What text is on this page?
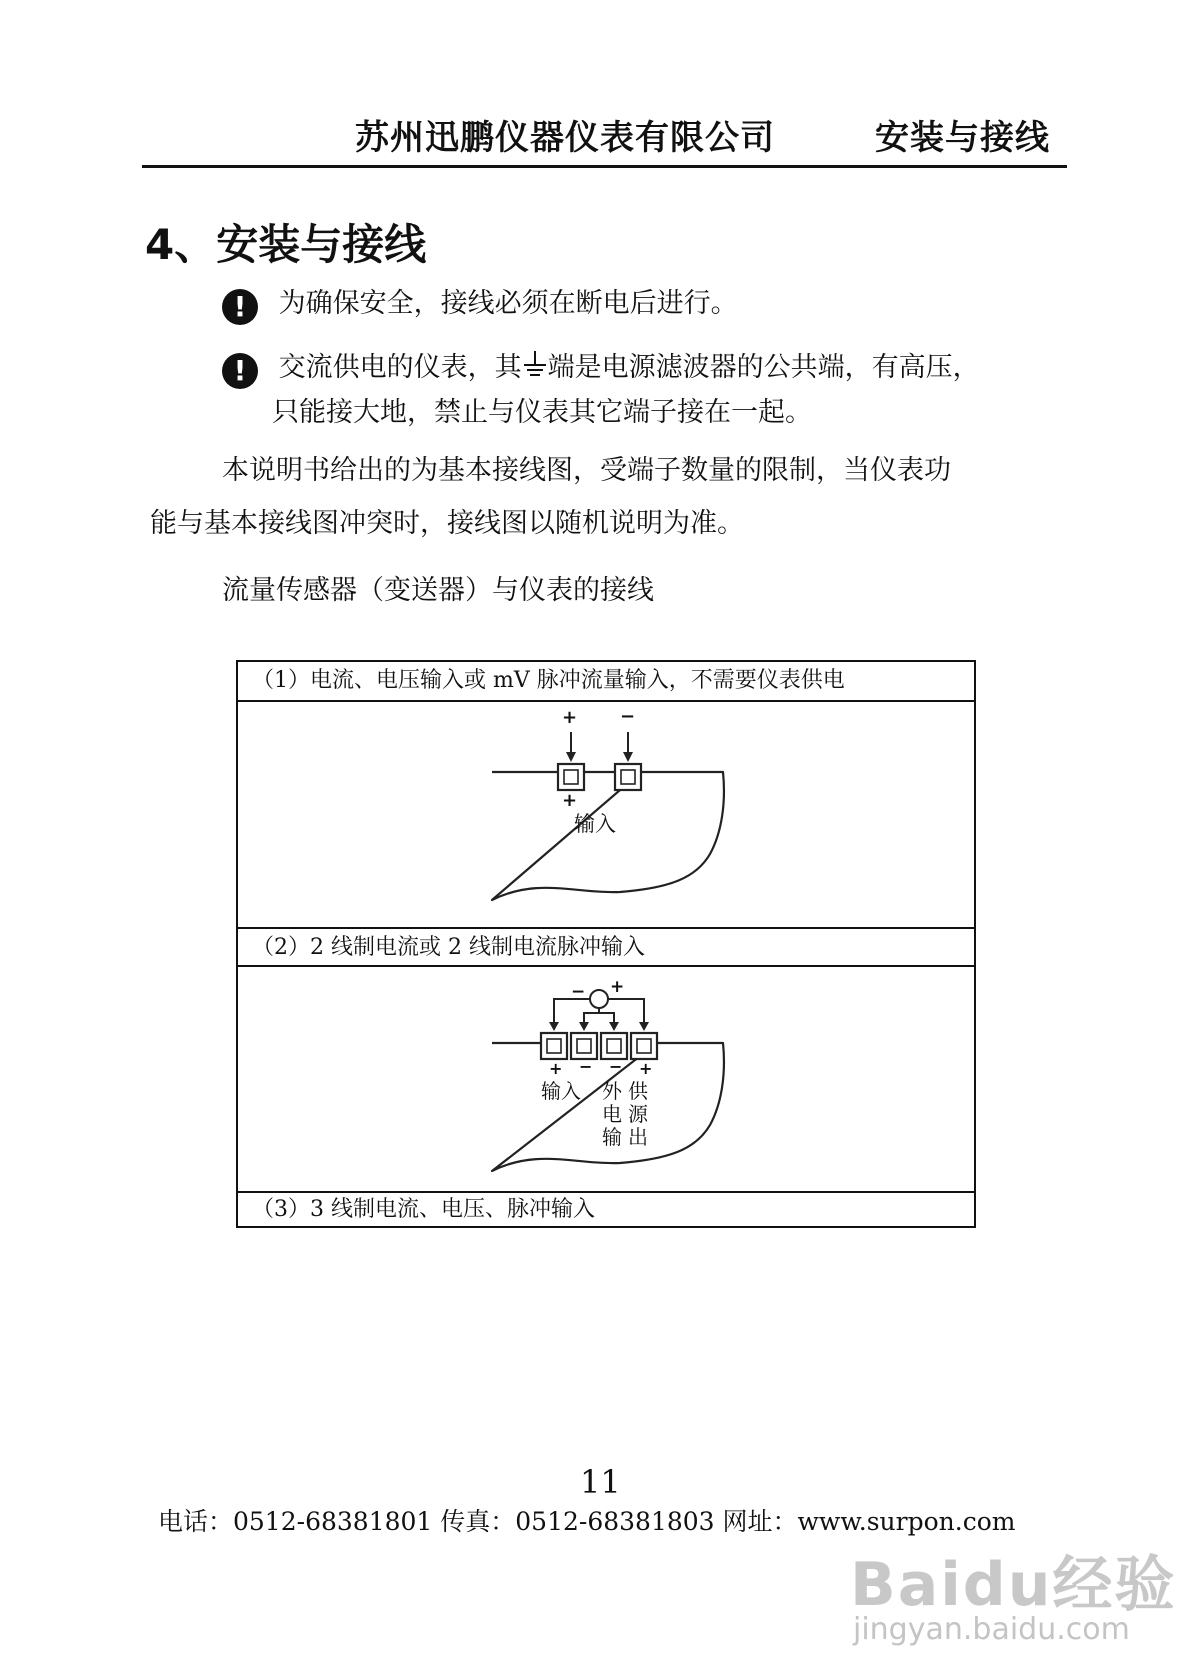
苏州迅鹏仪器仪表有限公司	安装与接线
4、安装与接线
! 为确保安全，接线必须在断电后进行。
! 交流供电的仪表，其 端是电源滤波器的公共端，有高压，
只能接大地，禁止与仪表其它端子接在一起。
本说明书给出的为基本接线图，受端子数量的限制，当仪表功
能与基本接线图冲突时，接线图以随机说明为准。
流量传感器（变送器）与仪表的接线
（1）电流、电压输入或 mV 脉冲流量输入，不需要仪表供电
+ −
+
输入
（2）2 线制电流或 2 线制电流脉冲输入
− +
+ − − +
输入 外 供
电 源
输 出
（3）3 线制电流、电压、脉冲输入
11
电话：0512-68381801 传真：0512-68381803 网址：www.surpon.com
Baidu经验
jingyan.baidu.com
